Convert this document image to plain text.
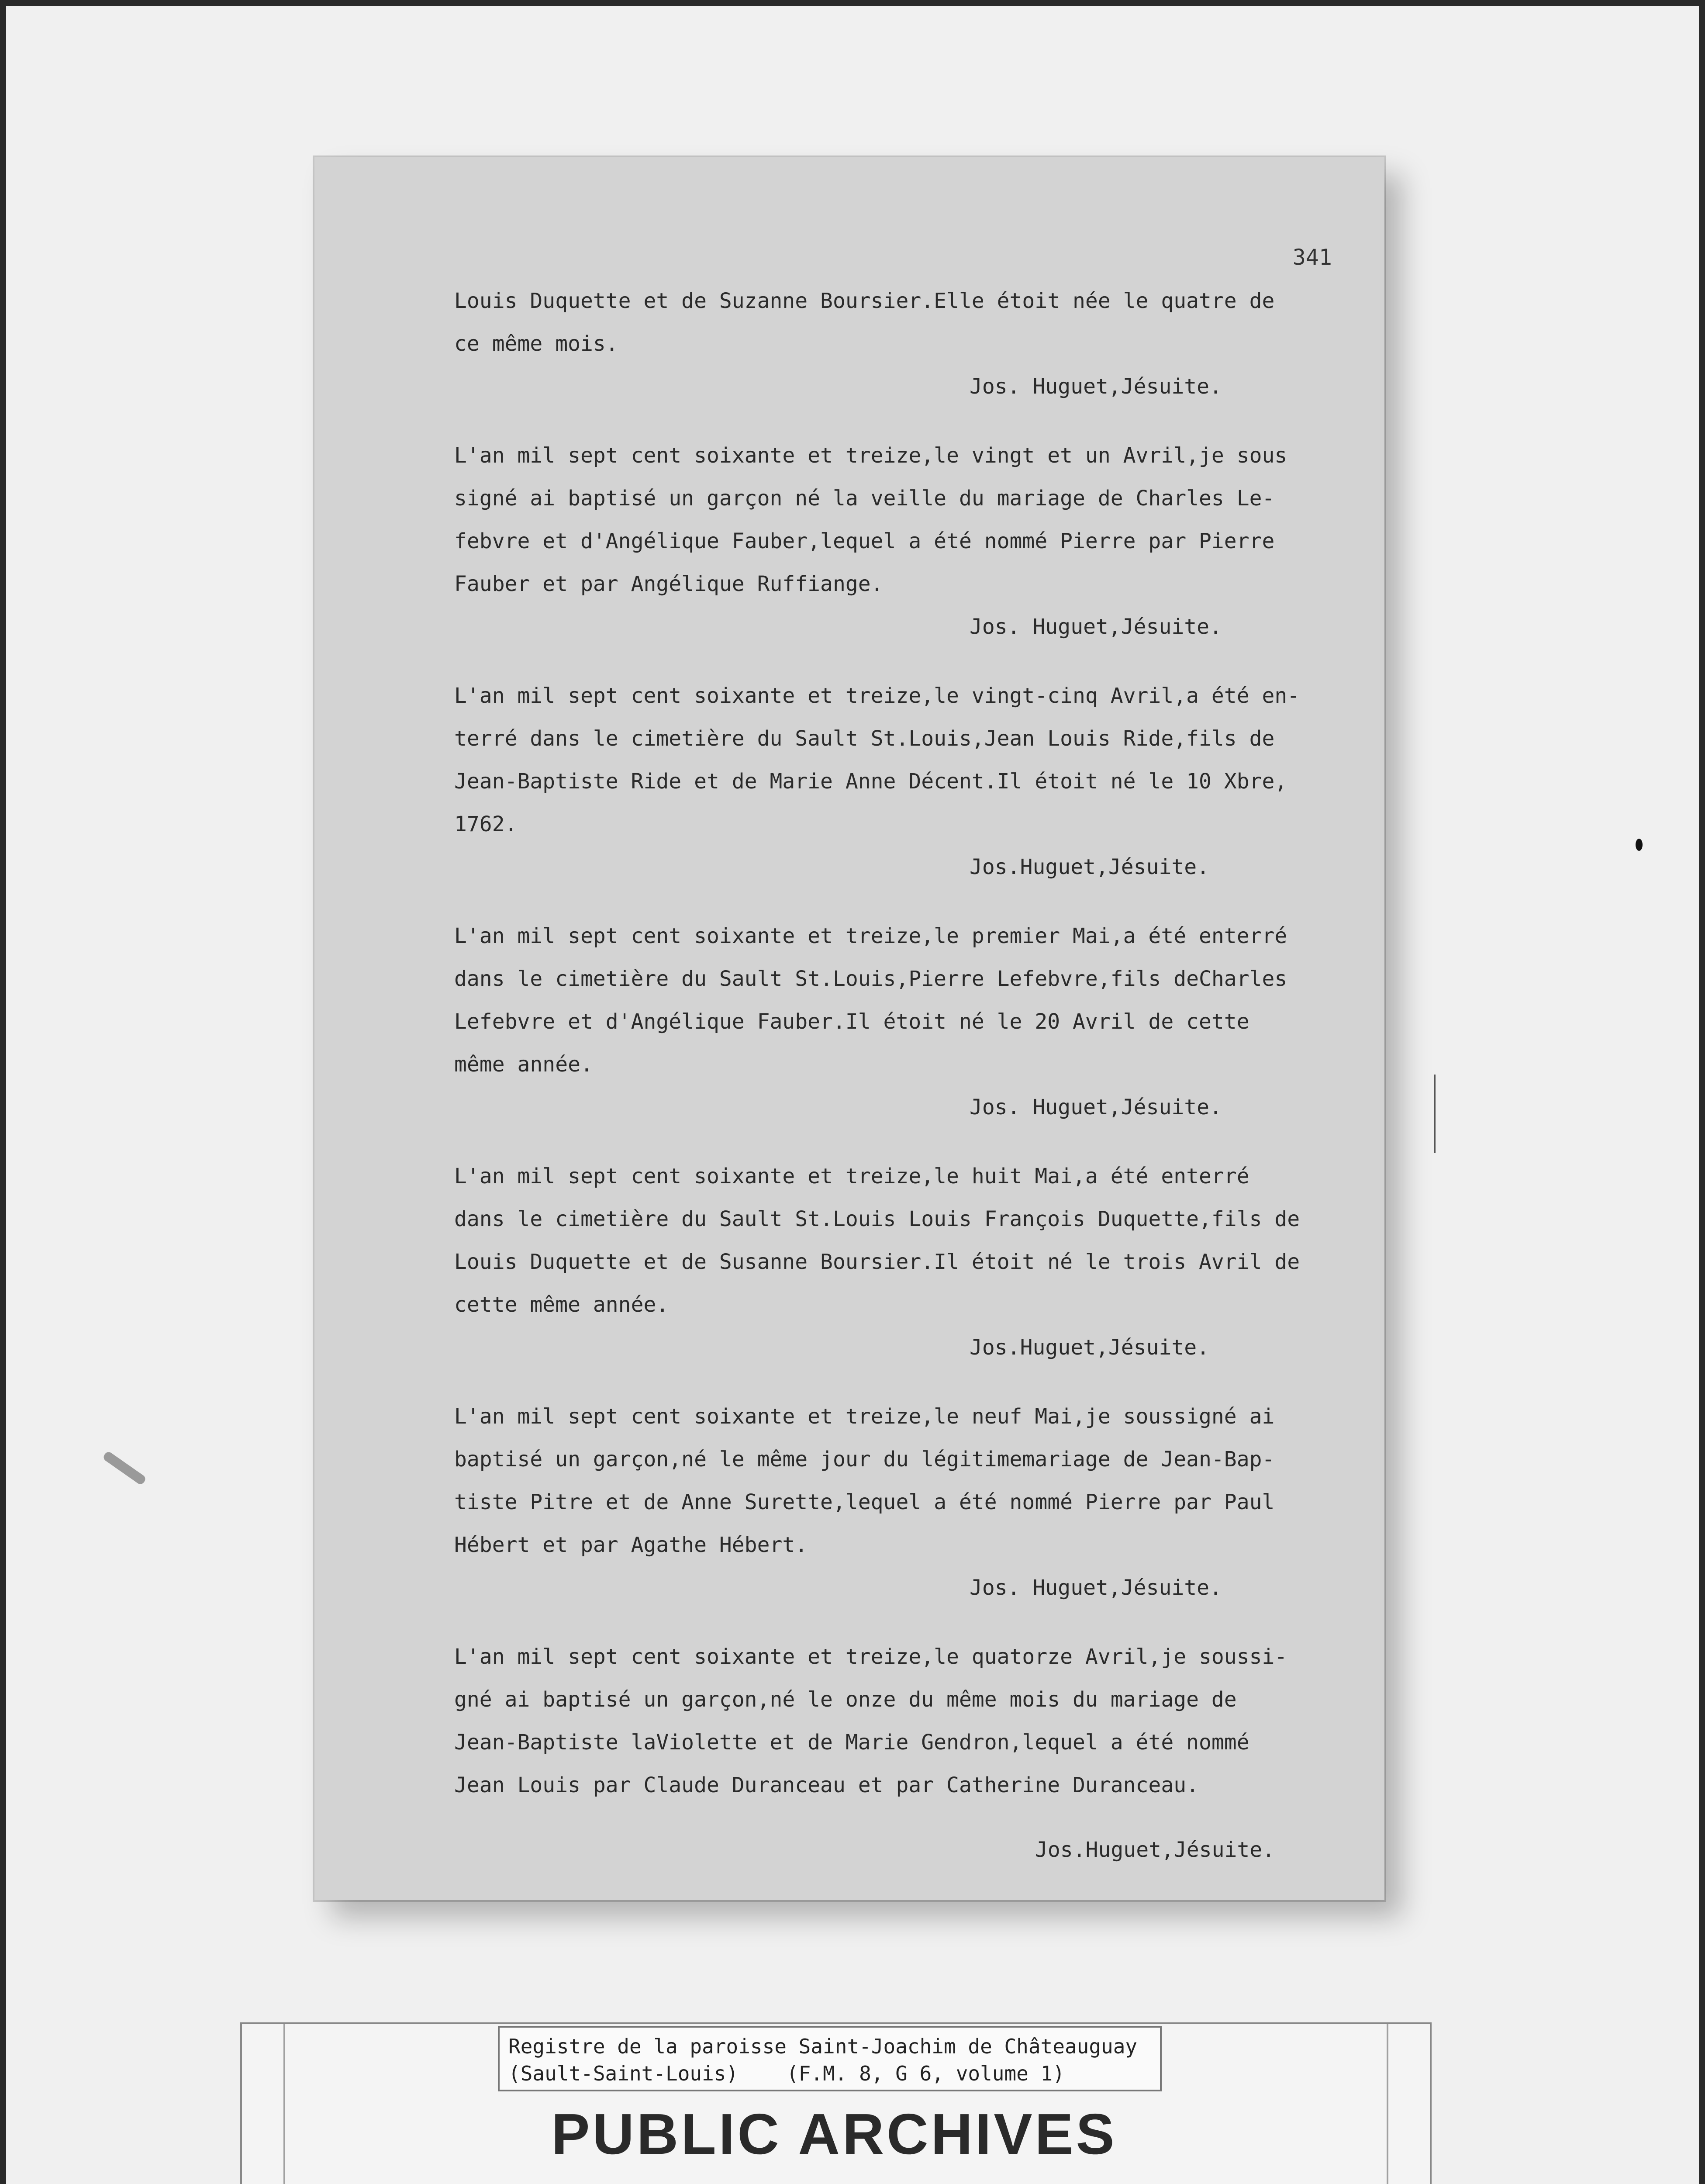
341
Louis Duquette et de Suzanne Boursier.Elle étoit née le quatre de
ce même mois.
Jos. Huguet,Jésuite.
L'an mil sept cent soixante et treize,le vingt et un Avril,je sous
signé ai baptisé un garçon né la veille du mariage de Charles Le-
febvre et d'Angélique Fauber,lequel a été nommé Pierre par Pierre
Fauber et par Angélique Ruffiange.
Jos. Huguet,Jésuite.
L'an mil sept cent soixante et treize,le vingt-cinq Avril,a été en-
terré dans le cimetière du Sault St.Louis,Jean Louis Ride,fils de
Jean-Baptiste Ride et de Marie Anne Décent.Il étoit né le 10 Xbre,
1762.
Jos.Huguet,Jésuite.
L'an mil sept cent soixante et treize,le premier Mai,a été enterré
dans le cimetière du Sault St.Louis,Pierre Lefebvre,fils deCharles
Lefebvre et d'Angélique Fauber.Il étoit né le 20 Avril de cette
même année.
Jos. Huguet,Jésuite.
L'an mil sept cent soixante et treize,le huit Mai,a été enterré
dans le cimetière du Sault St.Louis Louis François Duquette,fils de
Louis Duquette et de Susanne Boursier.Il étoit né le trois Avril de
cette même année.
Jos.Huguet,Jésuite.
L'an mil sept cent soixante et treize,le neuf Mai,je soussigné ai
baptisé un garçon,né le même jour du légitimemariage de Jean-Bap-
tiste Pitre et de Anne Surette,lequel a été nommé Pierre par Paul
Hébert et par Agathe Hébert.
Jos. Huguet,Jésuite.
L'an mil sept cent soixante et treize,le quatorze Avril,je soussi-
gné ai baptisé un garçon,né le onze du même mois du mariage de
Jean-Baptiste laViolette et de Marie Gendron,lequel a été nommé
Jean Louis par Claude Duranceau et par Catherine Duranceau.
Jos.Huguet,Jésuite.
Registre de la paroisse Saint-Joachim de Châteauguay
(Sault-Saint-Louis)    (F.M. 8, G 6, volume 1)
PUBLIC ARCHIVES
